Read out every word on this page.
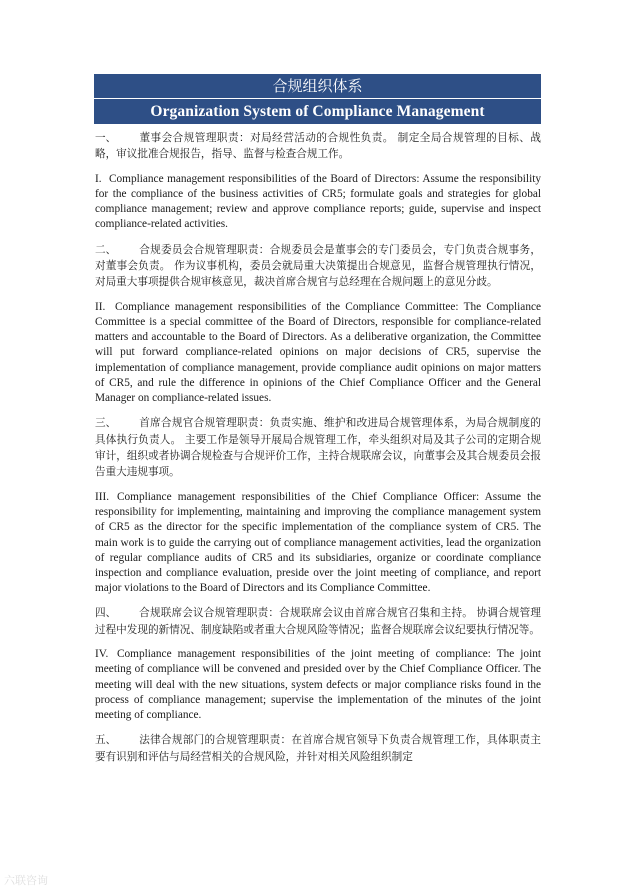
合规组织体系
Organization System of Compliance Management

一、 董事会合规管理职责：对局经营活动的合规性负责。 制定全局合规管理的目标、战略，审议批准合规报告，指导、监督与检查合规工作。

I. Compliance management responsibilities of the Board of Directors: Assume the responsibility for the compliance of the business activities of CR5; formulate goals and strategies for global compliance management; review and approve compliance reports; guide, supervise and inspect compliance-related activities.

二、 合规委员会合规管理职责：合规委员会是董事会的专门委员会，专门负责合规事务，对董事会负责。 作为议事机构，委员会就局重大决策提出合规意见，监督合规管理执行情况，对局重大事项提供合规审核意见，裁决首席合规官与总经理在合规问题上的意见分歧。

II. Compliance management responsibilities of the Compliance Committee: The Compliance Committee is a special committee of the Board of Directors, responsible for compliance-related matters and accountable to the Board of Directors. As a deliberative organization, the Committee will put forward compliance-related opinions on major decisions of CR5, supervise the implementation of compliance management, provide compliance audit opinions on major matters of CR5, and rule the difference in opinions of the Chief Compliance Officer and the General Manager on compliance-related issues.

三、 首席合规官合规管理职责：负责实施、维护和改进局合规管理体系，为局合规制度的具体执行负责人。 主要工作是领导开展局合规管理工作，牵头组织对局及其子公司的定期合规审计，组织或者协调合规检查与合规评价工作，主持合规联席会议，向董事会及其合规委员会报告重大违规事项。

III. Compliance management responsibilities of the Chief Compliance Officer: Assume the responsibility for implementing, maintaining and improving the compliance management system of CR5 as the director for the specific implementation of the compliance system of CR5. The main work is to guide the carrying out of compliance management activities, lead the organization of regular compliance audits of CR5 and its subsidiaries, organize or coordinate compliance inspection and compliance evaluation, preside over the joint meeting of compliance, and report major violations to the Board of Directors and its Compliance Committee.

四、 合规联席会议合规管理职责：合规联席会议由首席合规官召集和主持。 协调合规管理过程中发现的新情况、制度缺陷或者重大合规风险等情况；监督合规联席会议纪要执行情况等。

IV. Compliance management responsibilities of the joint meeting of compliance: The joint meeting of compliance will be convened and presided over by the Chief Compliance Officer. The meeting will deal with the new situations, system defects or major compliance risks found in the process of compliance management; supervise the implementation of the minutes of the joint meeting of compliance.

五、 法律合规部门的合规管理职责：在首席合规官领导下负责合规管理工作，具体职责主要有识别和评估与局经营相关的合规风险，并针对相关风险组织制定

六联咨询
